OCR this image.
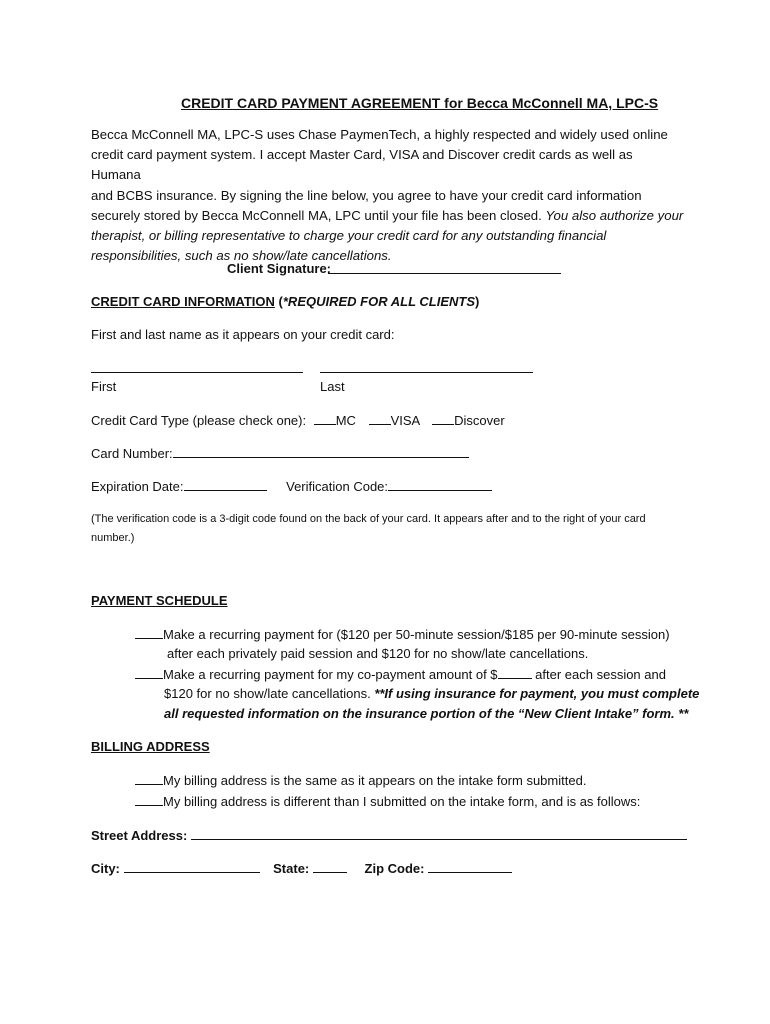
CREDIT CARD PAYMENT AGREEMENT for Becca McConnell MA, LPC-S
Becca McConnell MA, LPC-S uses Chase PaymenTech, a highly respected and widely used online
credit card payment system. I accept Master Card, VISA and Discover credit cards as well as Humana
and BCBS insurance. By signing the line below, you agree to have your credit card information
securely stored by Becca McConnell MA, LPC until your file has been closed. You also authorize your
therapist, or billing representative to charge your credit card for any outstanding financial
responsibilities, such as no show/late cancellations.
Client Signature:
CREDIT CARD INFORMATION (*REQUIRED FOR ALL CLIENTS)
First and last name as it appears on your credit card:
First	Last
Credit Card Type (please check one): MC	VISA	Discover
Card Number:
Expiration Date:	Verification Code:
(The verification code is a 3-digit code found on the back of your card. It appears after and to the right of your card number.)
PAYMENT SCHEDULE
Make a recurring payment for ($120 per 50-minute session/$185 per 90-minute session)
after each privately paid session and $120 for no show/late cancellations.
Make a recurring payment for my co-payment amount of $	after each session and
$120 for no show/late cancellations. **If using insurance for payment, you must complete
all requested information on the insurance portion of the “New Client Intake” form. **
BILLING ADDRESS
My billing address is the same as it appears on the intake form submitted.
My billing address is different than I submitted on the intake form, and is as follows:
Street Address:
City:	State:	Zip Code:
